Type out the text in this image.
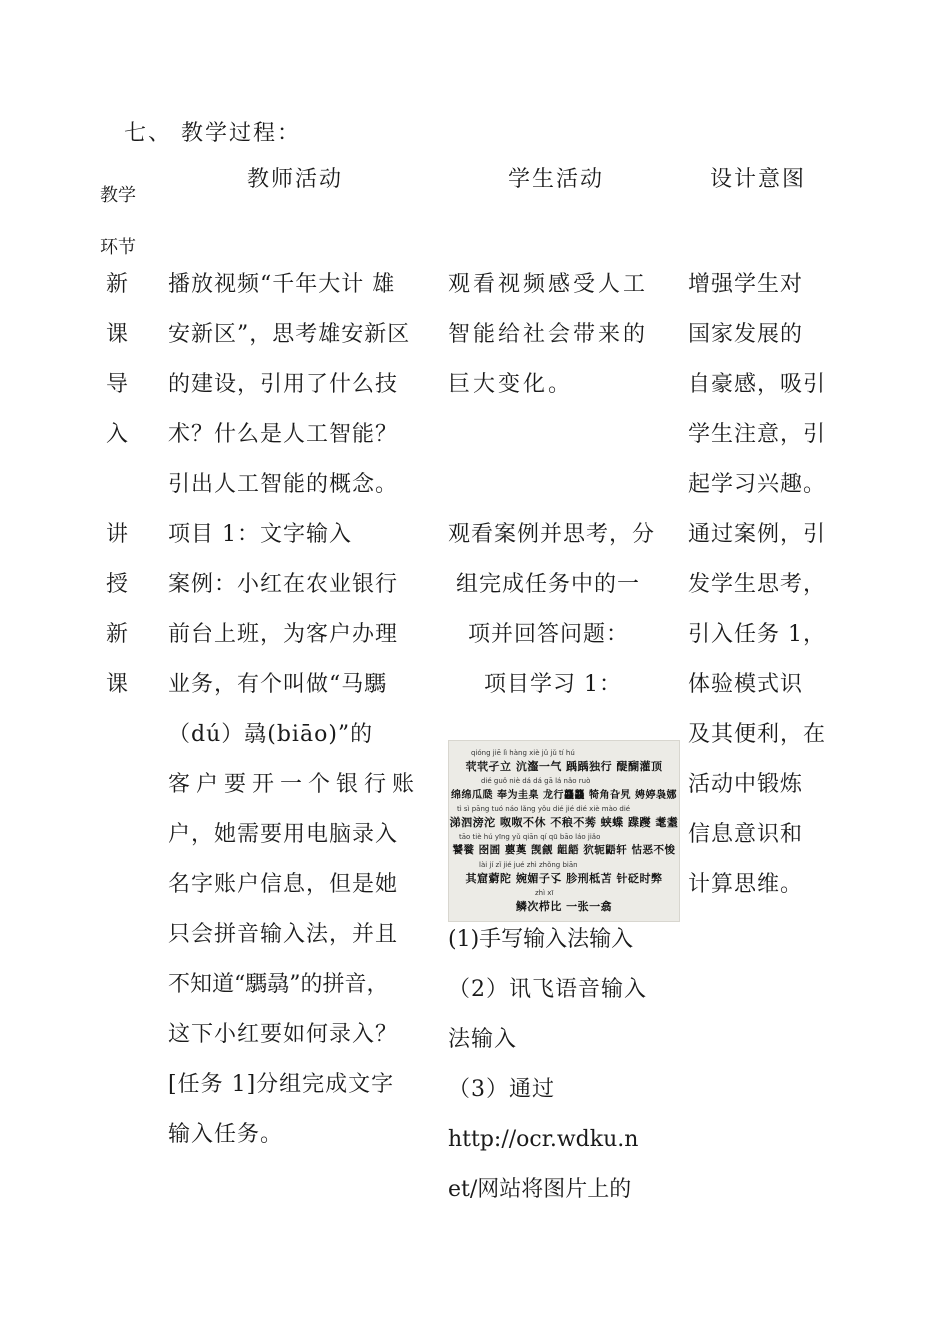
七、 教学过程：
教学
环节
教师活动	学生活动	设计意图
新
课
导
入
播放视频“千年大计 雄
安新区”，思考雄安新区
的建设，引用了什么技
术？什么是人工智能？
引出人工智能的概念。
观看视频感受人工
智能给社会带来的
巨大变化。
增强学生对
国家发展的
自豪感，吸引
学生注意，引
起学习兴趣。
讲
授
新
课
项目 1：文字输入
案例：小红在农业银行
前台上班，为客户办理
业务，有个叫做“马騳
（dú）骉(biāo)”的
客户要开一个银行账
户，她需要用电脑录入
名字账户信息，但是她
只会拼音输入法，并且
不知道“騳骉”的拼音，
这下小红要如何录入？
[任务 1]分组完成文字
输入任务。
观看案例并思考，分
组完成任务中的一
项并回答问题：
项目学习 1：
qióng jiē lì hàng xiè jǔ jǔ tí hú
茕茕孑立 沆瀣一气 踽踽独行 醍醐灌顶
dié guǒ niè dá dá gā lá nǎo ruò
绵绵瓜瓞 奉为圭臬 龙行龘龘 犄角旮旯 娉婷袅娜
tì sì pāng tuó náo lǎng yǒu dié jié dié xiè mào dié
涕泗滂沱 呶呶不休 不稂不莠 蛱蝶 蹀躞 耄耋
tāo tiè hú yīng yǔ qiān qí qū bāo láo jiǎo
饕餮 囹圄 蘡薁 觊觎 龃龉 狖轭鼯轩 怙恶不悛
lài jí zǐ jié jué zhì zhǒng biān
其窟藭陀 婉媚子孓 胗刑柢苫 针砭时弊
zhì xī
鳞次栉比 一张一翕
(1)手写输入法输入
（2）讯飞语音输入
法输入
（3）通过
http://ocr.wdku.n
et/网站将图片上的
通过案例，引
发学生思考，
引入任务 1，
体验模式识
及其便利，在
活动中锻炼
信息意识和
计算思维。
